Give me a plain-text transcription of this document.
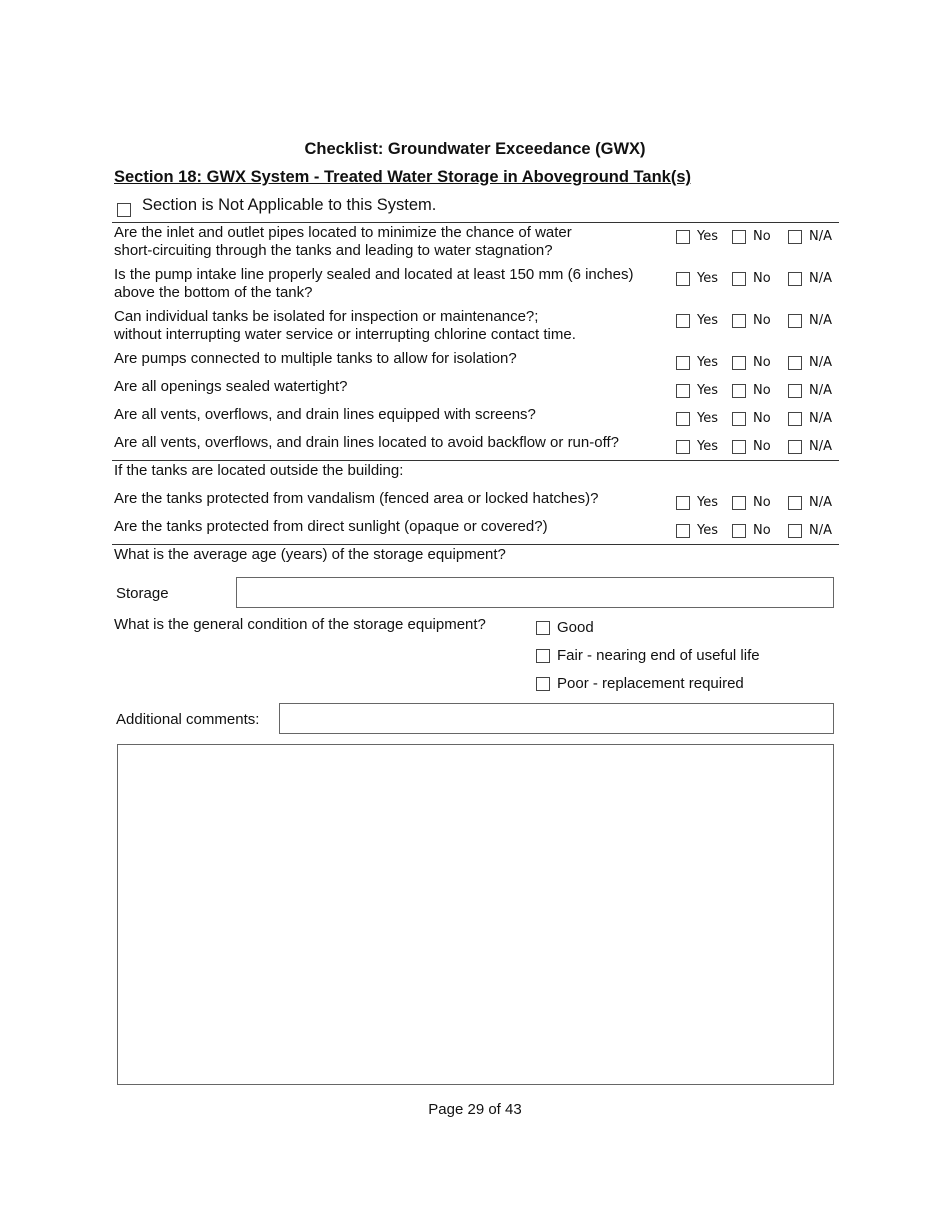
Checklist: Groundwater Exceedance (GWX)
Section 18: GWX System - Treated Water Storage in Aboveground Tank(s)
Section is Not Applicable to this System.
Are the inlet and outlet pipes located to minimize the chance of water
short-circuiting through the tanks and leading to water stagnation?
Yes	No	N/A
Is the pump intake line properly sealed and located at least 150 mm (6 inches)
above the bottom of the tank?
Yes	No	N/A
Can individual tanks be isolated for inspection or maintenance?;
without interrupting water service or interrupting chlorine contact time.
Yes	No	N/A
Are pumps connected to multiple tanks to allow for isolation?	Yes	No	N/A
Are all openings sealed watertight?	Yes	No	N/A
Are all vents, overflows, and drain lines equipped with screens?	Yes	No	N/A
Are all vents, overflows, and drain lines located to avoid backflow or run-off?	Yes	No	N/A
If the tanks are located outside the building:
Are the tanks protected from vandalism (fenced area or locked hatches)?	Yes	No	N/A
Are the tanks protected from direct sunlight (opaque or covered?)	Yes	No	N/A
What is the average age (years) of the storage equipment?
Storage
What is the general condition of the storage equipment?	Good
Fair - nearing end of useful life
Poor - replacement required
Additional comments:
Page 29 of 43
